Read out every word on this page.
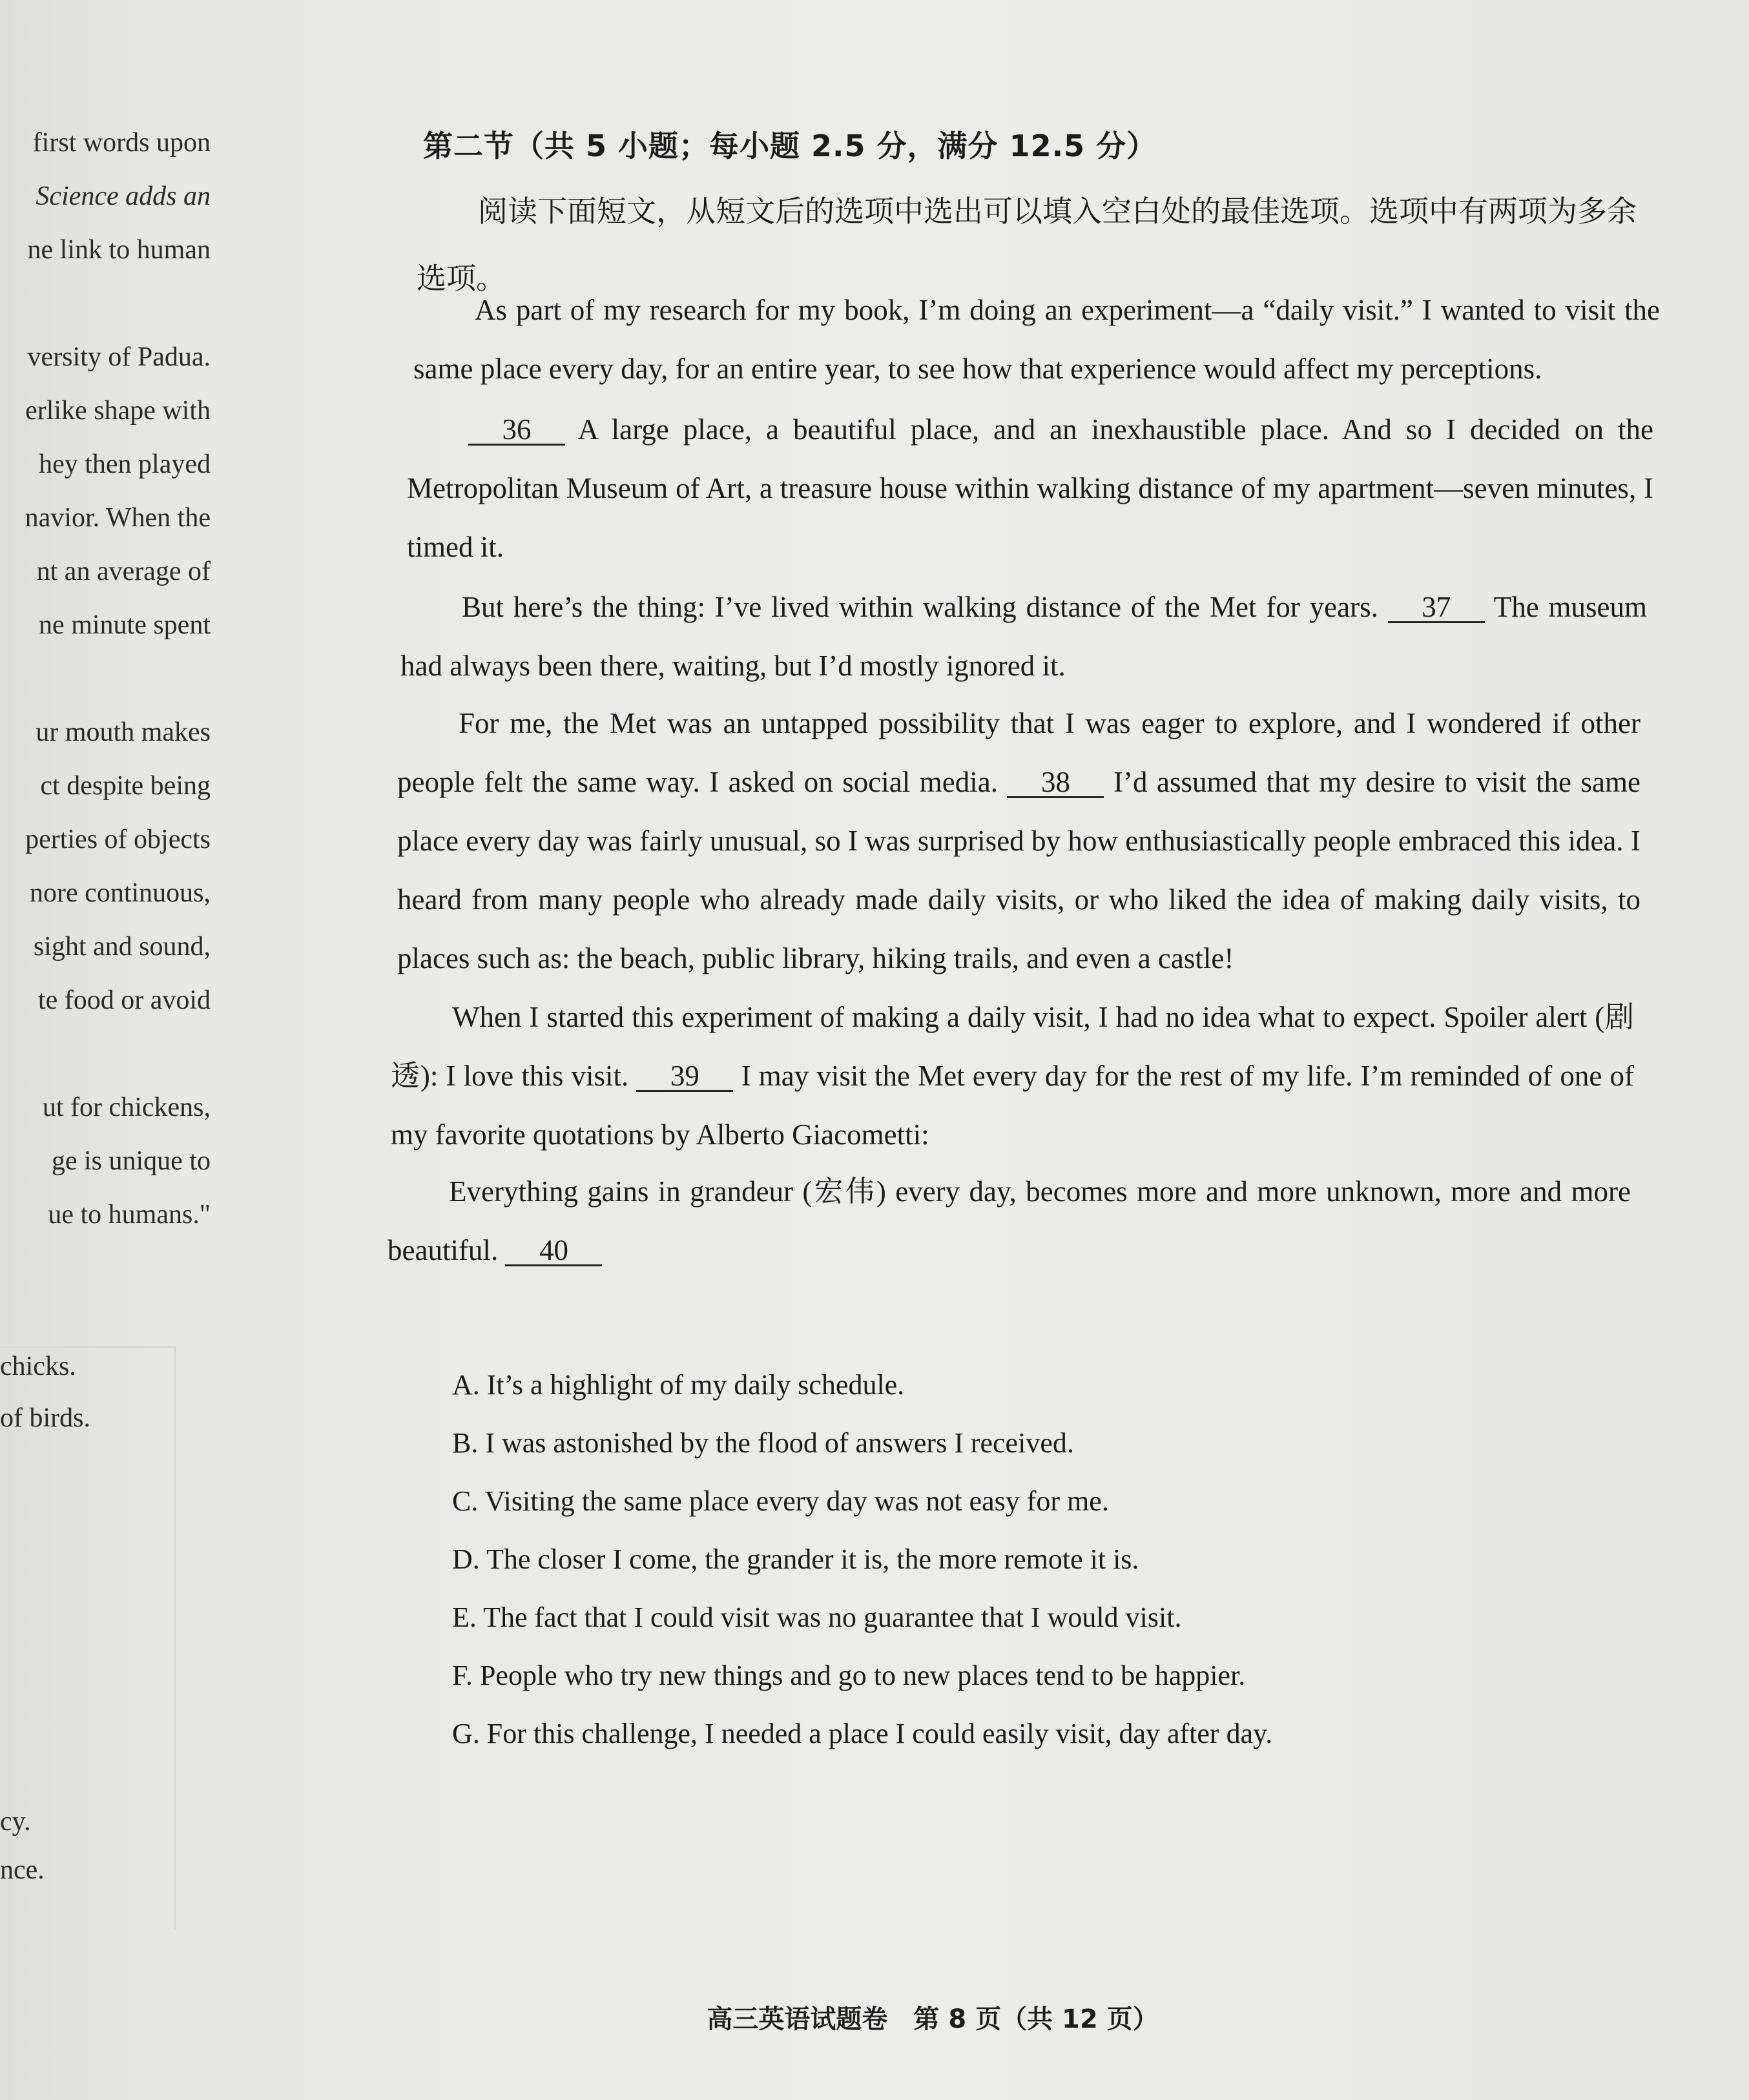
first words upon
Science adds an
ne link to human
versity of Padua.
erlike shape with
hey then played
navior. When the
nt an average of
ne minute spent
ur mouth makes
ct despite being
perties of objects
nore continuous,
sight and sound,
te food or avoid
ut for chickens,
ge is unique to
ue to humans."
chicks.
of birds.
cy.
nce.
第二节（共 5 小题；每小题 2.5 分，满分 12.5 分）
阅读下面短文，从短文后的选项中选出可以填入空白处的最佳选项。选项中有两项为多余选项。

As part of my research for my book, I’m doing an experiment—a “daily visit.” I wanted to visit the same place every day, for an entire year, to see how that experience would affect my perceptions.

36 A large place, a beautiful place, and an inexhaustible place. And so I decided on the Metropolitan Museum of Art, a treasure house within walking distance of my apartment—seven minutes, I timed it.

But here’s the thing: I’ve lived within walking distance of the Met for years. 37 The museum had always been there, waiting, but I’d mostly ignored it.

For me, the Met was an untapped possibility that I was eager to explore, and I wondered if other people felt the same way. I asked on social media. 38 I’d assumed that my desire to visit the same place every day was fairly unusual, so I was surprised by how enthusiastically people embraced this idea. I heard from many people who already made daily visits, or who liked the idea of making daily visits, to places such as: the beach, public library, hiking trails, and even a castle!

When I started this experiment of making a daily visit, I had no idea what to expect. Spoiler alert (剧透): I love this visit. 39 I may visit the Met every day for the rest of my life. I’m reminded of one of my favorite quotations by Alberto Giacometti:

Everything gains in grandeur (宏伟) every day, becomes more and more unknown, more and more beautiful. 40

A. It’s a highlight of my daily schedule.
B. I was astonished by the flood of answers I received.
C. Visiting the same place every day was not easy for me.
D. The closer I come, the grander it is, the more remote it is.
E. The fact that I could visit was no guarantee that I would visit.
F. People who try new things and go to new places tend to be happier.
G. For this challenge, I needed a place I could easily visit, day after day.
高三英语试题卷　第 8 页（共 12 页）
